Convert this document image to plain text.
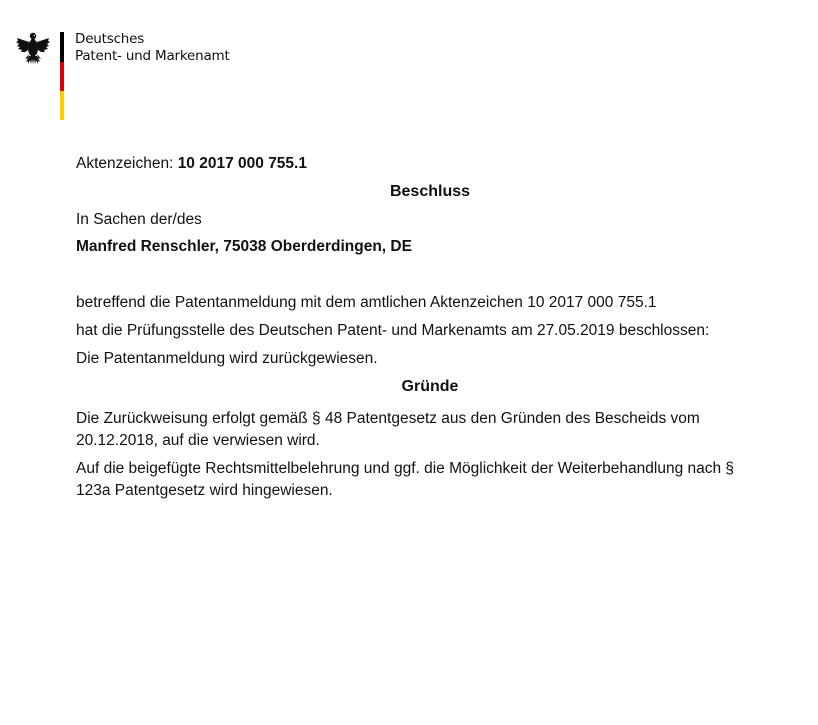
Deutsches
Patent- und Markenamt
Aktenzeichen: 10 2017 000 755.1
Beschluss
In Sachen der/des
Manfred Renschler, 75038 Oberderdingen, DE
betreffend die Patentanmeldung mit dem amtlichen Aktenzeichen 10 2017 000 755.1
hat die Prüfungsstelle des Deutschen Patent- und Markenamts am 27.05.2019 beschlossen:
Die Patentanmeldung wird zurückgewiesen.
Gründe
Die Zurückweisung erfolgt gemäß § 48 Patentgesetz aus den Gründen des Bescheids vom 20.12.2018, auf die verwiesen wird.
Auf die beigefügte Rechtsmittelbelehrung und ggf. die Möglichkeit der Weiterbehandlung nach § 123a Patentgesetz wird hingewiesen.
